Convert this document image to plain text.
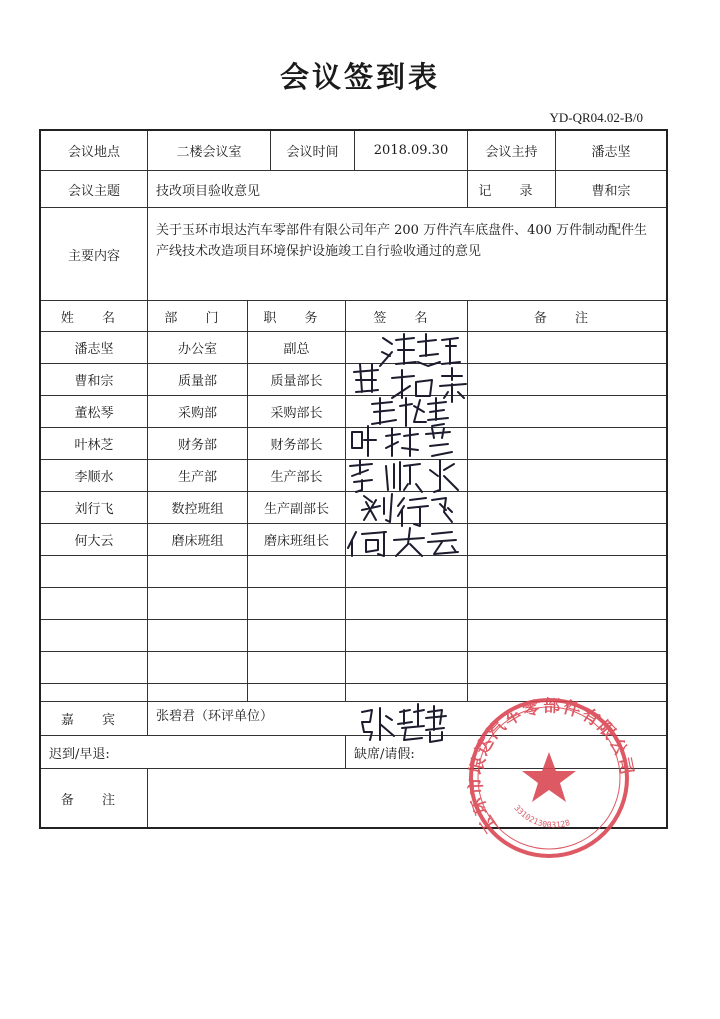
会议签到表
YD-QR04.02-B/0
会议地点	二楼会议室	会议时间	2018.09.30	会议主持	潘志坚
会议主题	技改项目验收意见	记 录	曹和宗
主要内容
关于玉环市垠达汽车零部件有限公司年产 200 万件汽车底盘件、400 万件制动配件生产线技术改造项目环境保护设施竣工自行验收通过的意见
姓 名	部 门	职 务	签 名	备 注
潘志坚	办公室	副总
曹和宗	质量部	质量部长
董松琴	采购部	采购部长
叶林芝	财务部	财务部长
李顺水	生产部	生产部长
刘行飞	数控班组	生产副部长
何大云	磨床班组	磨床班组长
嘉 宾	张碧君（环评单位）
迟到/早退:	缺席/请假:
备 注
玉环市垠达汽车零部件有限公司
3310213003128
